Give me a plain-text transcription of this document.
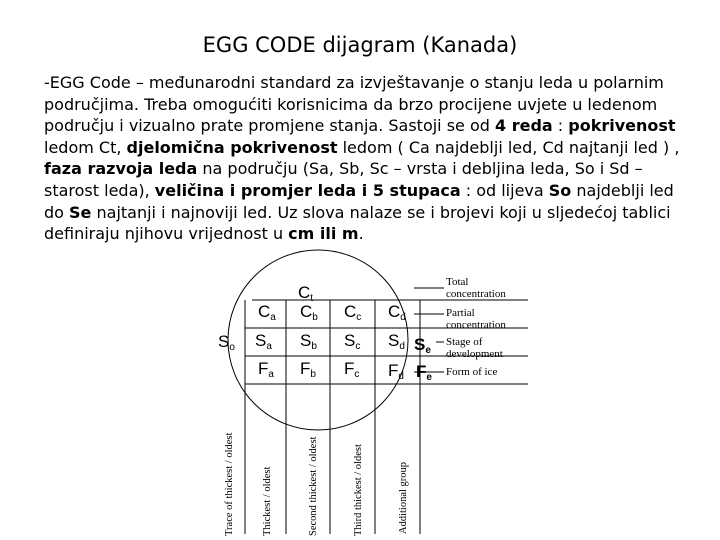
EGG CODE dijagram (Kanada)
-EGG Code – međunarodni standard za izvještavanje o stanju leda u polarnim područjima. Treba omogućiti korisnicima da brzo procijene uvjete u ledenom području i vizualno prate promjene stanja. Sastoji se od 4 reda : pokrivenost ledom Ct, djelomična pokrivenost ledom ( Ca najdeblji led, Cd najtanji led ) , faza razvoja leda na području (Sa, Sb, Sc – vrsta i debljina leda, So i Sd – starost leda), veličina i promjer leda i 5 stupaca : od lijeva So najdeblji led do Se najtanji i najnoviji led. Uz slova nalaze se i brojevi koji u sljedećoj tablici definiraju njihovu vrijednost u cm ili m.
Ct
Ca Cb Cc Cd
So Sa Sb Sc Sd Se
Fa Fb Fc Fd Fe
Total concentration
Partial concentration
Stage of development
Form of ice
Trace of thickest / oldest	Thickest / oldest	Second thickest / oldest	Third thickest / oldest	Additional group
